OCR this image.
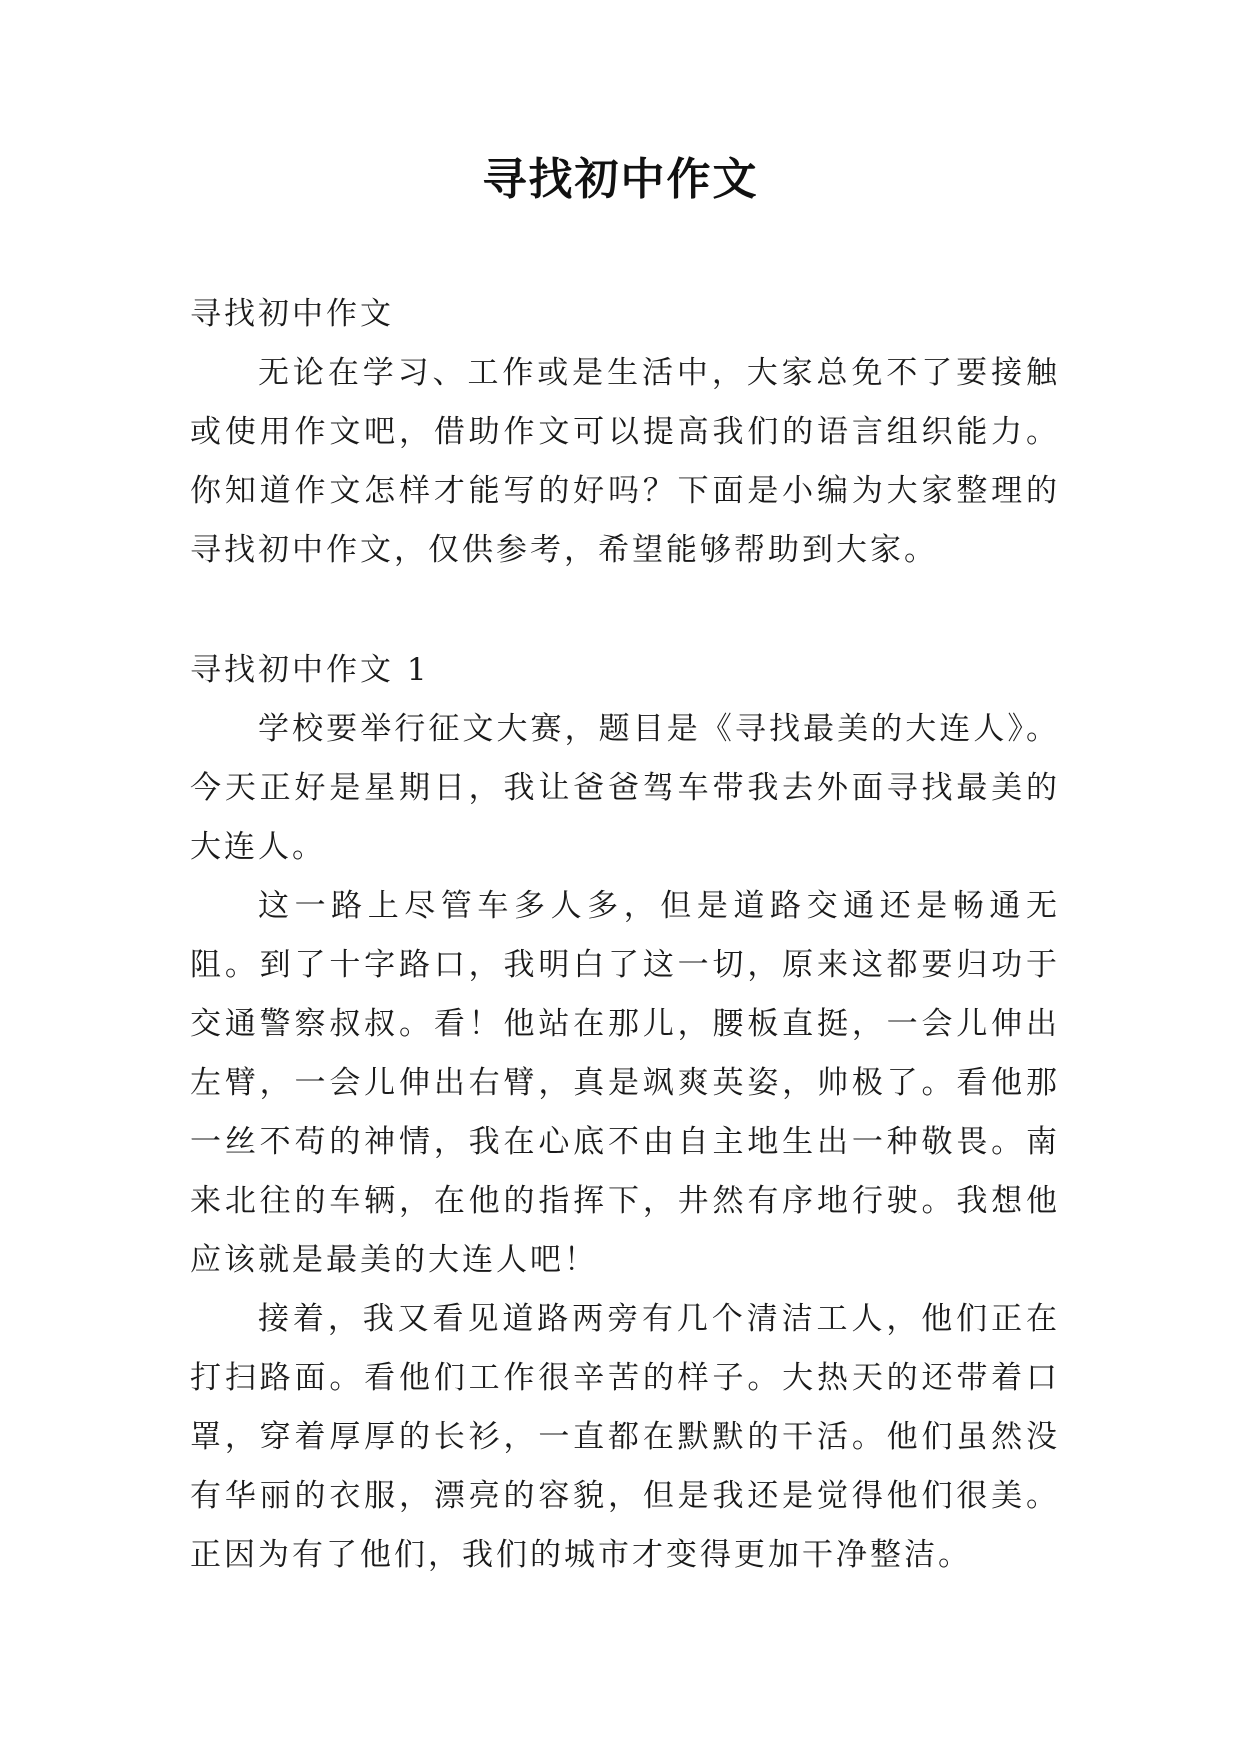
寻找初中作文

寻找初中作文

无论在学习、工作或是生活中，大家总免不了要接触或使用作文吧，借助作文可以提高我们的语言组织能力。你知道作文怎样才能写的好吗？下面是小编为大家整理的寻找初中作文，仅供参考，希望能够帮助到大家。

寻找初中作文 1

学校要举行征文大赛，题目是《寻找最美的大连人》。今天正好是星期日，我让爸爸驾车带我去外面寻找最美的大连人。

这一路上尽管车多人多，但是道路交通还是畅通无阻。到了十字路口，我明白了这一切，原来这都要归功于交通警察叔叔。看！他站在那儿，腰板直挺，一会儿伸出左臂，一会儿伸出右臂，真是飒爽英姿，帅极了。看他那一丝不苟的神情，我在心底不由自主地生出一种敬畏。南来北往的车辆，在他的指挥下，井然有序地行驶。我想他应该就是最美的大连人吧！

接着，我又看见道路两旁有几个清洁工人，他们正在打扫路面。看他们工作很辛苦的样子。大热天的还带着口罩，穿着厚厚的长衫，一直都在默默的干活。他们虽然没有华丽的衣服，漂亮的容貌，但是我还是觉得他们很美。正因为有了他们，我们的城市才变得更加干净整洁。
